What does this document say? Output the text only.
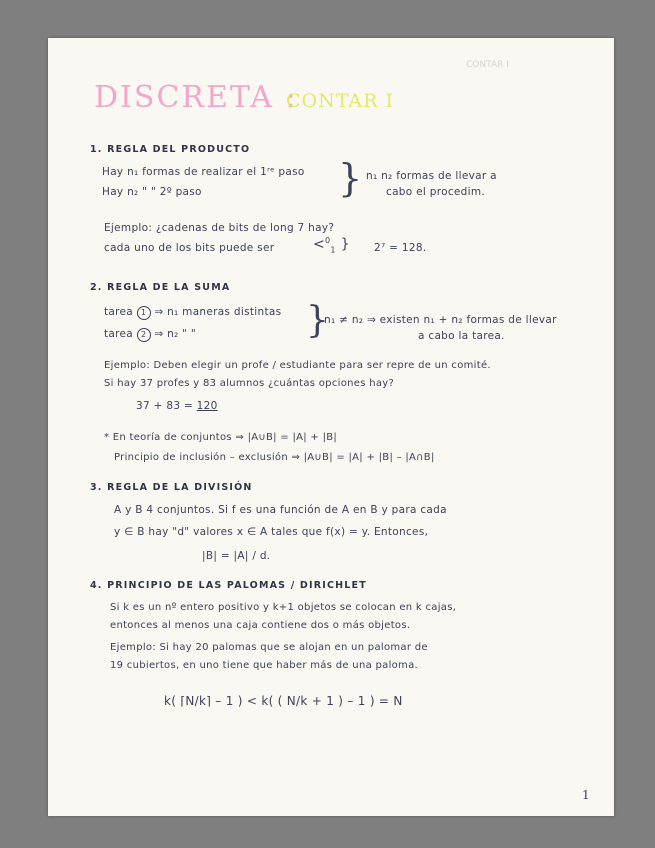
CONTAR I
DISCRETA :
CONTAR I
1. REGLA DEL PRODUCTO
Hay n₁ formas de realizar el 1ʳᵉ paso
Hay n₂ " " 2º paso	} n₁ n₂ formas de llevar a
cabo el procedim.
Ejemplo: ¿cadenas de bits de long 7 hay?
cada uno de los bits puede ser	<$^0_1$ } 2⁷ = 128.
2. REGLA DE LA SUMA
tarea 1 ⇒ n₁ maneras distintas
tarea 2 ⇒ n₂ " "	}
n₁ ≠ n₂ ⇒ existen n₁ + n₂ formas de llevar
a cabo la tarea.
Ejemplo: Deben elegir un profe / estudiante para ser repre de un comité.
Si hay 37 profes y 83 alumnos ¿cuántas opciones hay?
37 + 83 = 120
* En teoría de conjuntos ⇒ |A∪B| = |A| + |B|
Principio de inclusión – exclusión ⇒ |A∪B| = |A| + |B| – |A∩B|
3. REGLA DE LA DIVISIÓN
A y B 4 conjuntos. Si f es una función de A en B y para cada
y ∈ B hay "d" valores x ∈ A tales que f(x) = y. Entonces,
|B| = |A| / d.
4. PRINCIPIO DE LAS PALOMAS / DIRICHLET
Si k es un nº entero positivo y k+1 objetos se colocan en k cajas,
entonces al menos una caja contiene dos o más objetos.
Ejemplo: Si hay 20 palomas que se alojan en un palomar de
19 cubiertos, en uno tiene que haber más de una paloma.
k( ⌈N/k⌉ – 1 ) < k( ( N/k + 1 ) – 1 ) = N
1
